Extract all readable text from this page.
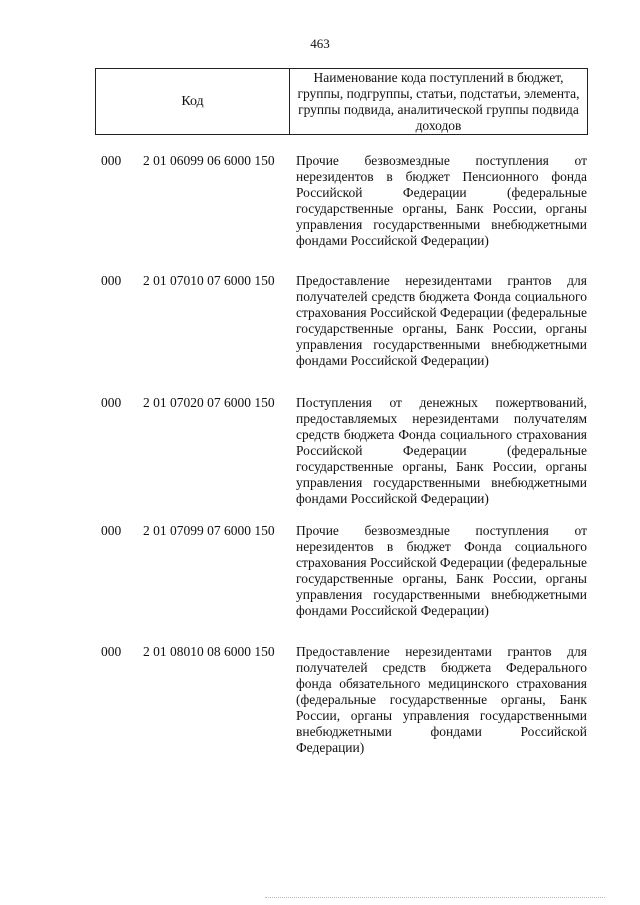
463
Код
Наименование кода поступлений в бюджет, группы, подгруппы, статьи, подстатьи, элемента, группы подвида, аналитической группы подвида доходов
000 2 01 06099 06 6000 150 Прочие безвозмездные поступления от нерезидентов в бюджет Пенсионного фонда Российской Федерации (федеральные государственные органы, Банк России, органы управления государственными внебюджетными фондами Российской Федерации)
000 2 01 07010 07 6000 150 Предоставление нерезидентами грантов для получателей средств бюджета Фонда социального страхования Российской Федерации (федеральные государственные органы, Банк России, органы управления государственными внебюджетными фондами Российской Федерации)
000 2 01 07020 07 6000 150 Поступления от денежных пожертвований, предоставляемых нерезидентами получателям средств бюджета Фонда социального страхования Российской Федерации (федеральные государственные органы, Банк России, органы управления государственными внебюджетными фондами Российской Федерации)
000 2 01 07099 07 6000 150 Прочие безвозмездные поступления от нерезидентов в бюджет Фонда социального страхования Российской Федерации (федеральные государственные органы, Банк России, органы управления государственными внебюджетными фондами Российской Федерации)
000 2 01 08010 08 6000 150 Предоставление нерезидентами грантов для получателей средств бюджета Федерального фонда обязательного медицинского страхования (федеральные государственные органы, Банк России, органы управления государственными внебюджетными фондами Российской Федерации)
